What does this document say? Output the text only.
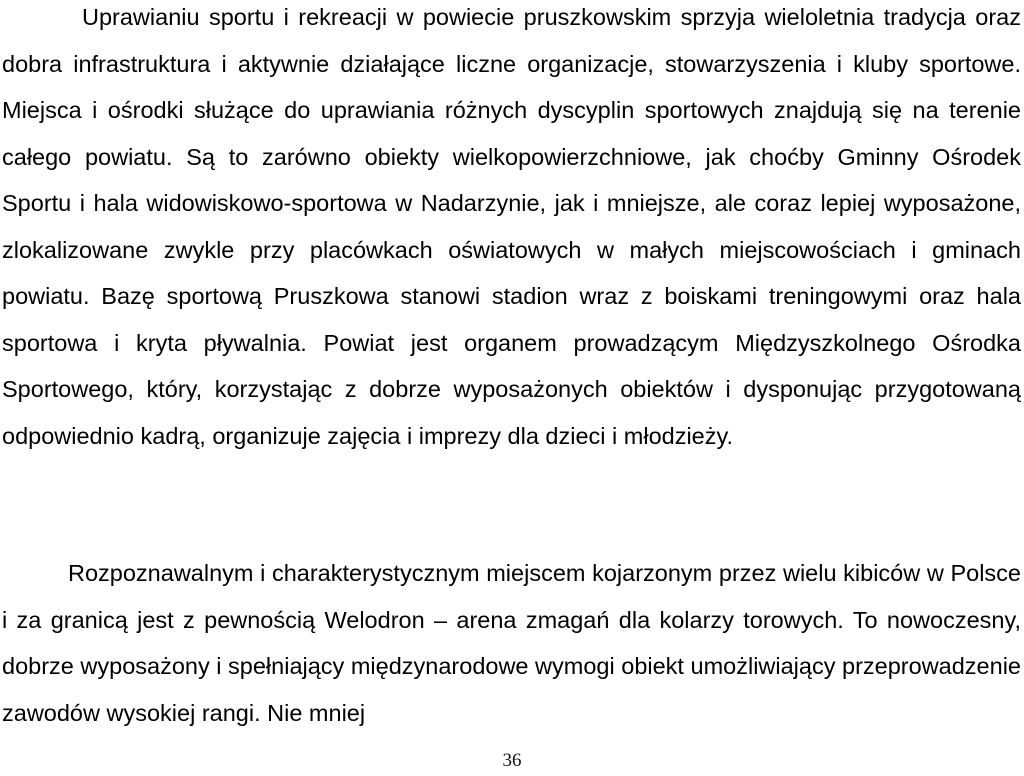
Uprawianiu sportu i rekreacji w powiecie pruszkowskim sprzyja wieloletnia tradycja oraz dobra infrastruktura i aktywnie działające liczne organizacje, stowarzyszenia i kluby sportowe. Miejsca i ośrodki służące do uprawiania różnych dyscyplin sportowych znajdują się na terenie całego powiatu. Są to zarówno obiekty wielkopowierzchniowe, jak choćby Gminny Ośrodek Sportu i hala widowiskowo-sportowa w Nadarzynie, jak i mniejsze, ale coraz lepiej wyposażone, zlokalizowane zwykle przy placówkach oświatowych w małych miejscowościach i gminach powiatu. Bazę sportową Pruszkowa stanowi stadion wraz z boiskami treningowymi oraz hala sportowa i kryta pływalnia. Powiat jest organem prowadzącym Międzyszkolnego Ośrodka Sportowego, który, korzystając z dobrze wyposażonych obiektów i dysponując przygotowaną odpowiednio kadrą, organizuje zajęcia i imprezy dla dzieci i młodzieży.

Rozpoznawalnym i charakterystycznym miejscem kojarzonym przez wielu kibiców w Polsce i za granicą jest z pewnością Welodron – arena zmagań dla kolarzy torowych. To nowoczesny, dobrze wyposażony i spełniający międzynarodowe wymogi obiekt umożliwiający przeprowadzenie zawodów wysokiej rangi. Nie mniej

36
